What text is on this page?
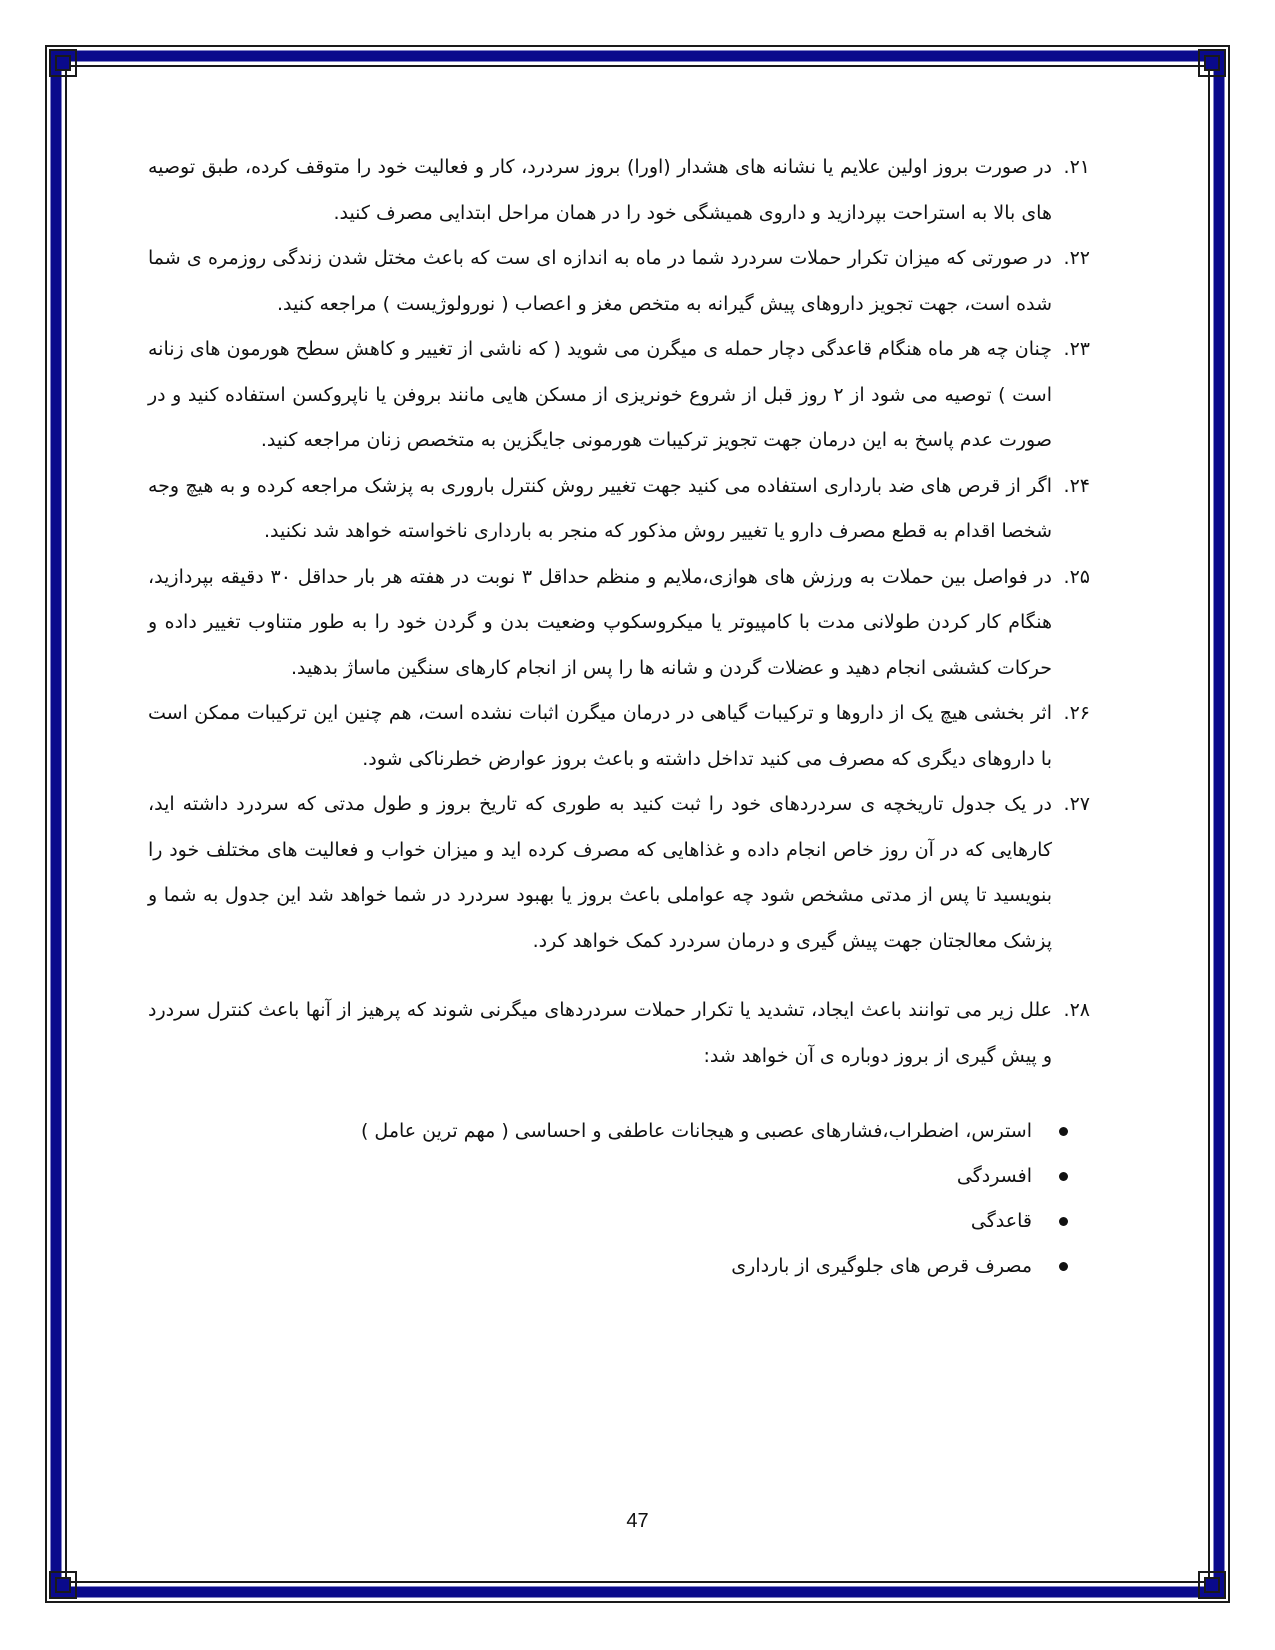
۲۱.
در صورت بروز اولین علایم یا نشانه های هشدار (اورا) بروز سردرد، کار و فعالیت خود را متوقف کرده، طبق توصیه های بالا به استراحت بپردازید و داروی همیشگی خود را در همان مراحل ابتدایی مصرف کنید.
۲۲.
در صورتی که میزان تکرار حملات سردرد شما در ماه به اندازه ای ست که باعث مختل شدن زندگی روزمره ی شما شده است، جهت تجویز داروهای پیش گیرانه به متخص مغز و اعصاب ( نورولوژیست ) مراجعه کنید.
۲۳.
چنان چه هر ماه هنگام قاعدگی دچار حمله ی میگرن می شوید ( که ناشی از تغییر و کاهش سطح هورمون های زنانه است ) توصیه می شود از ۲ روز قبل از شروع خونریزی از مسکن هایی مانند بروفن یا ناپروکسن استفاده کنید و در صورت عدم پاسخ به این درمان جهت تجویز ترکیبات هورمونی جایگزین به متخصص زنان مراجعه کنید.
۲۴.
اگر از قرص های ضد بارداری استفاده می کنید جهت تغییر روش کنترل باروری به پزشک مراجعه کرده و به هیچ وجه شخصا اقدام به قطع مصرف دارو یا تغییر روش مذکور که منجر به بارداری ناخواسته خواهد شد نکنید.
۲۵.
در فواصل بین حملات به ورزش های هوازی،ملایم و منظم حداقل ۳ نوبت در هفته هر بار حداقل ۳۰ دقیقه بپردازید، هنگام کار کردن طولانی مدت با کامپیوتر یا میکروسکوپ وضعیت بدن و گردن خود را به طور متناوب تغییر داده و حرکات کششی انجام دهید و عضلات گردن و شانه ها را پس از انجام کارهای سنگین ماساژ بدهید.
۲۶.
اثر بخشی هیچ یک از داروها و ترکیبات گیاهی در درمان میگرن اثبات نشده است، هم چنین این ترکیبات ممکن است با داروهای دیگری که مصرف می کنید تداخل داشته و باعث بروز عوارض خطرناکی شود.
۲۷.
در یک جدول تاریخچه ی سردردهای خود را ثبت کنید به طوری که تاریخ بروز و طول مدتی که سردرد داشته اید، کارهایی که در آن روز خاص انجام داده و غذاهایی که مصرف کرده اید و میزان خواب و فعالیت های مختلف خود را بنویسید تا پس از مدتی مشخص شود چه عواملی باعث بروز یا بهبود سردرد در شما خواهد شد این جدول به شما و پزشک معالجتان جهت پیش گیری و درمان سردرد کمک خواهد کرد.
۲۸.
علل زیر می توانند باعث ایجاد، تشدید یا تکرار حملات سردردهای میگرنی شوند که پرهیز از آنها باعث کنترل سردرد و پیش گیری از بروز دوباره ی آن خواهد شد:
استرس، اضطراب،فشارهای عصبی و هیجانات عاطفی و احساسی ( مهم ترین عامل )
افسردگی
قاعدگی
مصرف قرص های جلوگیری از بارداری
47
